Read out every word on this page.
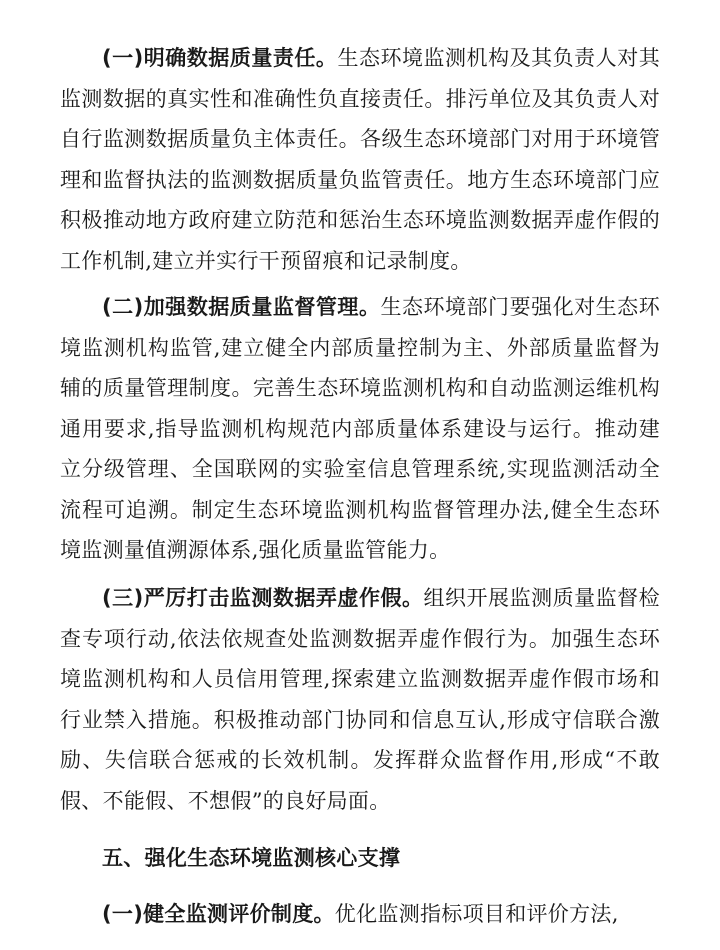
(一)明确数据质量责任。生态环境监测机构及其负责人对其监测数据的真实性和准确性负直接责任。排污单位及其负责人对自行监测数据质量负主体责任。各级生态环境部门对用于环境管理和监督执法的监测数据质量负监管责任。地方生态环境部门应积极推动地方政府建立防范和惩治生态环境监测数据弄虚作假的工作机制,建立并实行干预留痕和记录制度。

(二)加强数据质量监督管理。生态环境部门要强化对生态环境监测机构监管,建立健全内部质量控制为主、外部质量监督为辅的质量管理制度。完善生态环境监测机构和自动监测运维机构通用要求,指导监测机构规范内部质量体系建设与运行。推动建立分级管理、全国联网的实验室信息管理系统,实现监测活动全流程可追溯。制定生态环境监测机构监督管理办法,健全生态环境监测量值溯源体系,强化质量监管能力。

(三)严厉打击监测数据弄虚作假。组织开展监测质量监督检查专项行动,依法依规查处监测数据弄虚作假行为。加强生态环境监测机构和人员信用管理,探索建立监测数据弄虚作假市场和行业禁入措施。积极推动部门协同和信息互认,形成守信联合激励、失信联合惩戒的长效机制。发挥群众监督作用,形成“不敢假、不能假、不想假”的良好局面。

五、强化生态环境监测核心支撑

(一)健全监测评价制度。优化监测指标项目和评价方法,
